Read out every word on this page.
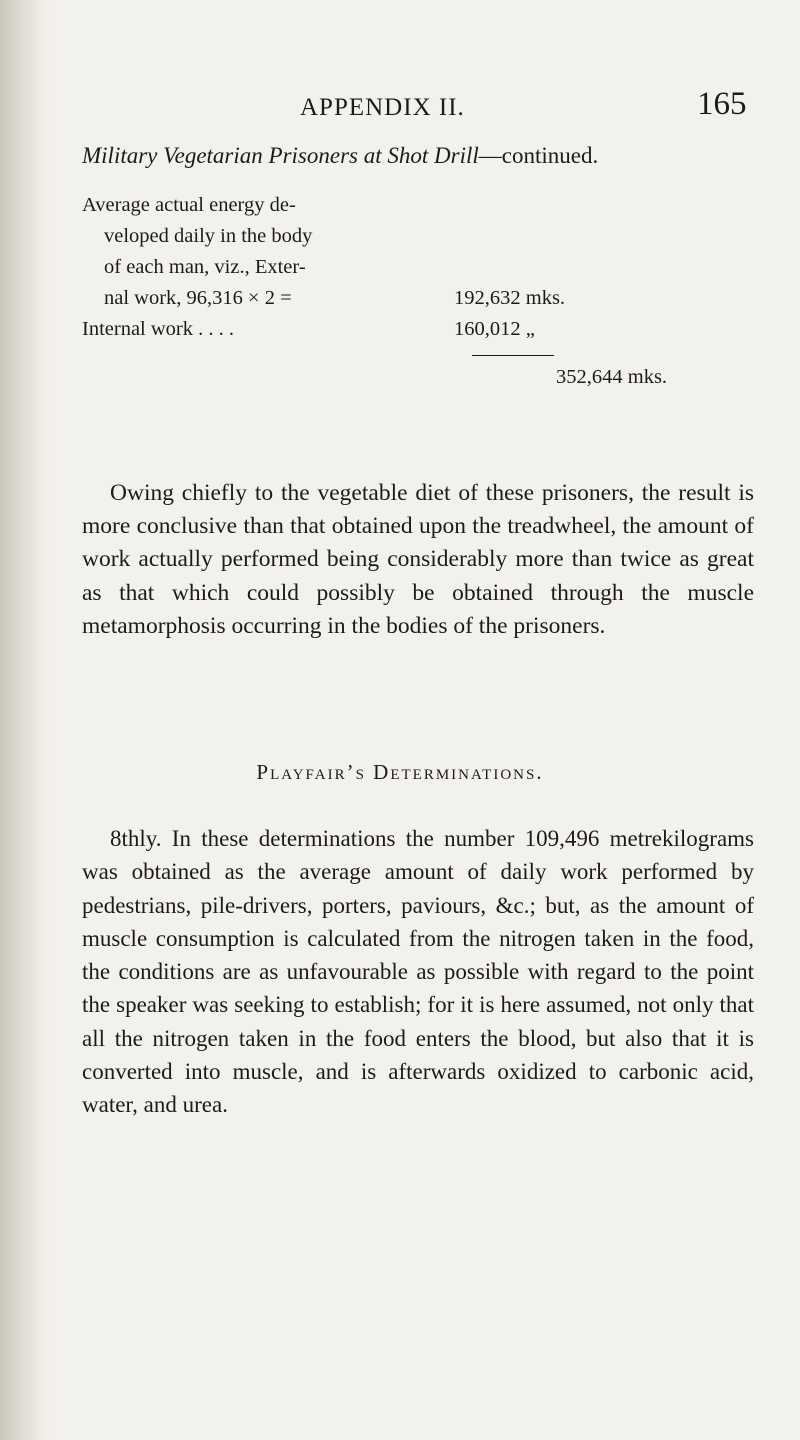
APPENDIX II.	165
Military Vegetarian Prisoners at Shot Drill—continued.
Average actual energy de-
veloped daily in the body
of each man, viz., Exter-
nal work, 96,316 × 2 =	192,632 mks.
Internal work . . . .	160,012 „
352,644 mks.

Owing chiefly to the vegetable diet of these prisoners, the result is more conclusive than that obtained upon the treadwheel, the amount of work actually performed being considerably more than twice as great as that which could possibly be obtained through the muscle metamorphosis occurring in the bodies of the prisoners.

Playfair’s Determinations.

8thly. In these determinations the number 109,496 metrekilograms was obtained as the average amount of daily work performed by pedestrians, pile-drivers, porters, paviours, &c.; but, as the amount of muscle consumption is calculated from the nitrogen taken in the food, the conditions are as unfavourable as possible with regard to the point the speaker was seeking to establish; for it is here assumed, not only that all the nitrogen taken in the food enters the blood, but also that it is converted into muscle, and is afterwards oxidized to carbonic acid, water, and urea.
